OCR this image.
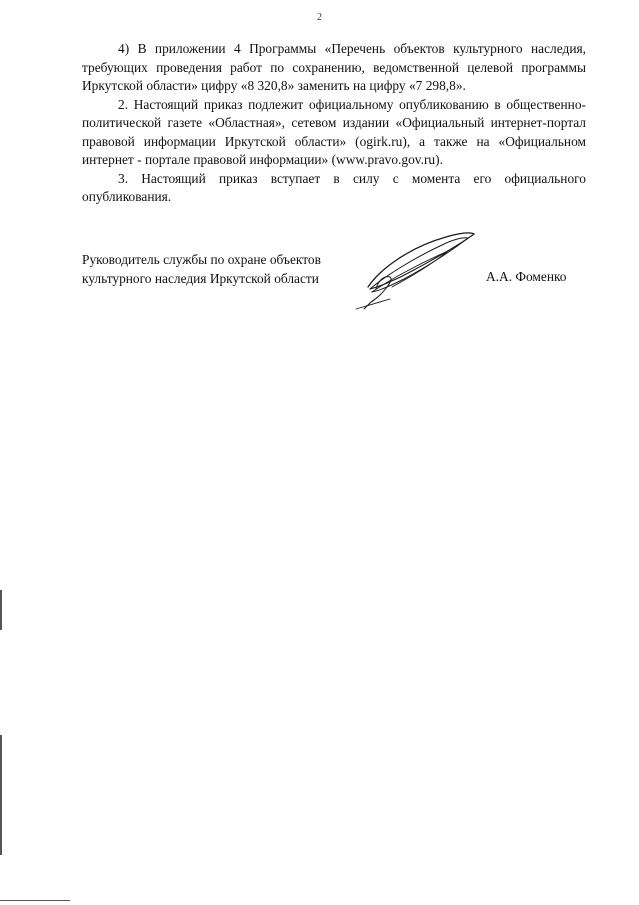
2

4) В приложении 4 Программы «Перечень объектов культурного наследия, требующих проведения работ по сохранению, ведомственной целевой программы Иркутской области» цифру «8 320,8» заменить на цифру «7 298,8».

2. Настоящий приказ подлежит официальному опубликованию в общественно-политической газете «Областная», сетевом издании «Официальный интернет-портал правовой информации Иркутской области» (ogirk.ru), а также на «Официальном интернет - портале правовой информации» (www.pravo.gov.ru).

3. Настоящий приказ вступает в силу с момента его официального опубликования.

Руководитель службы по охране объектов
культурного наследия Иркутской области	А.А. Фоменко
